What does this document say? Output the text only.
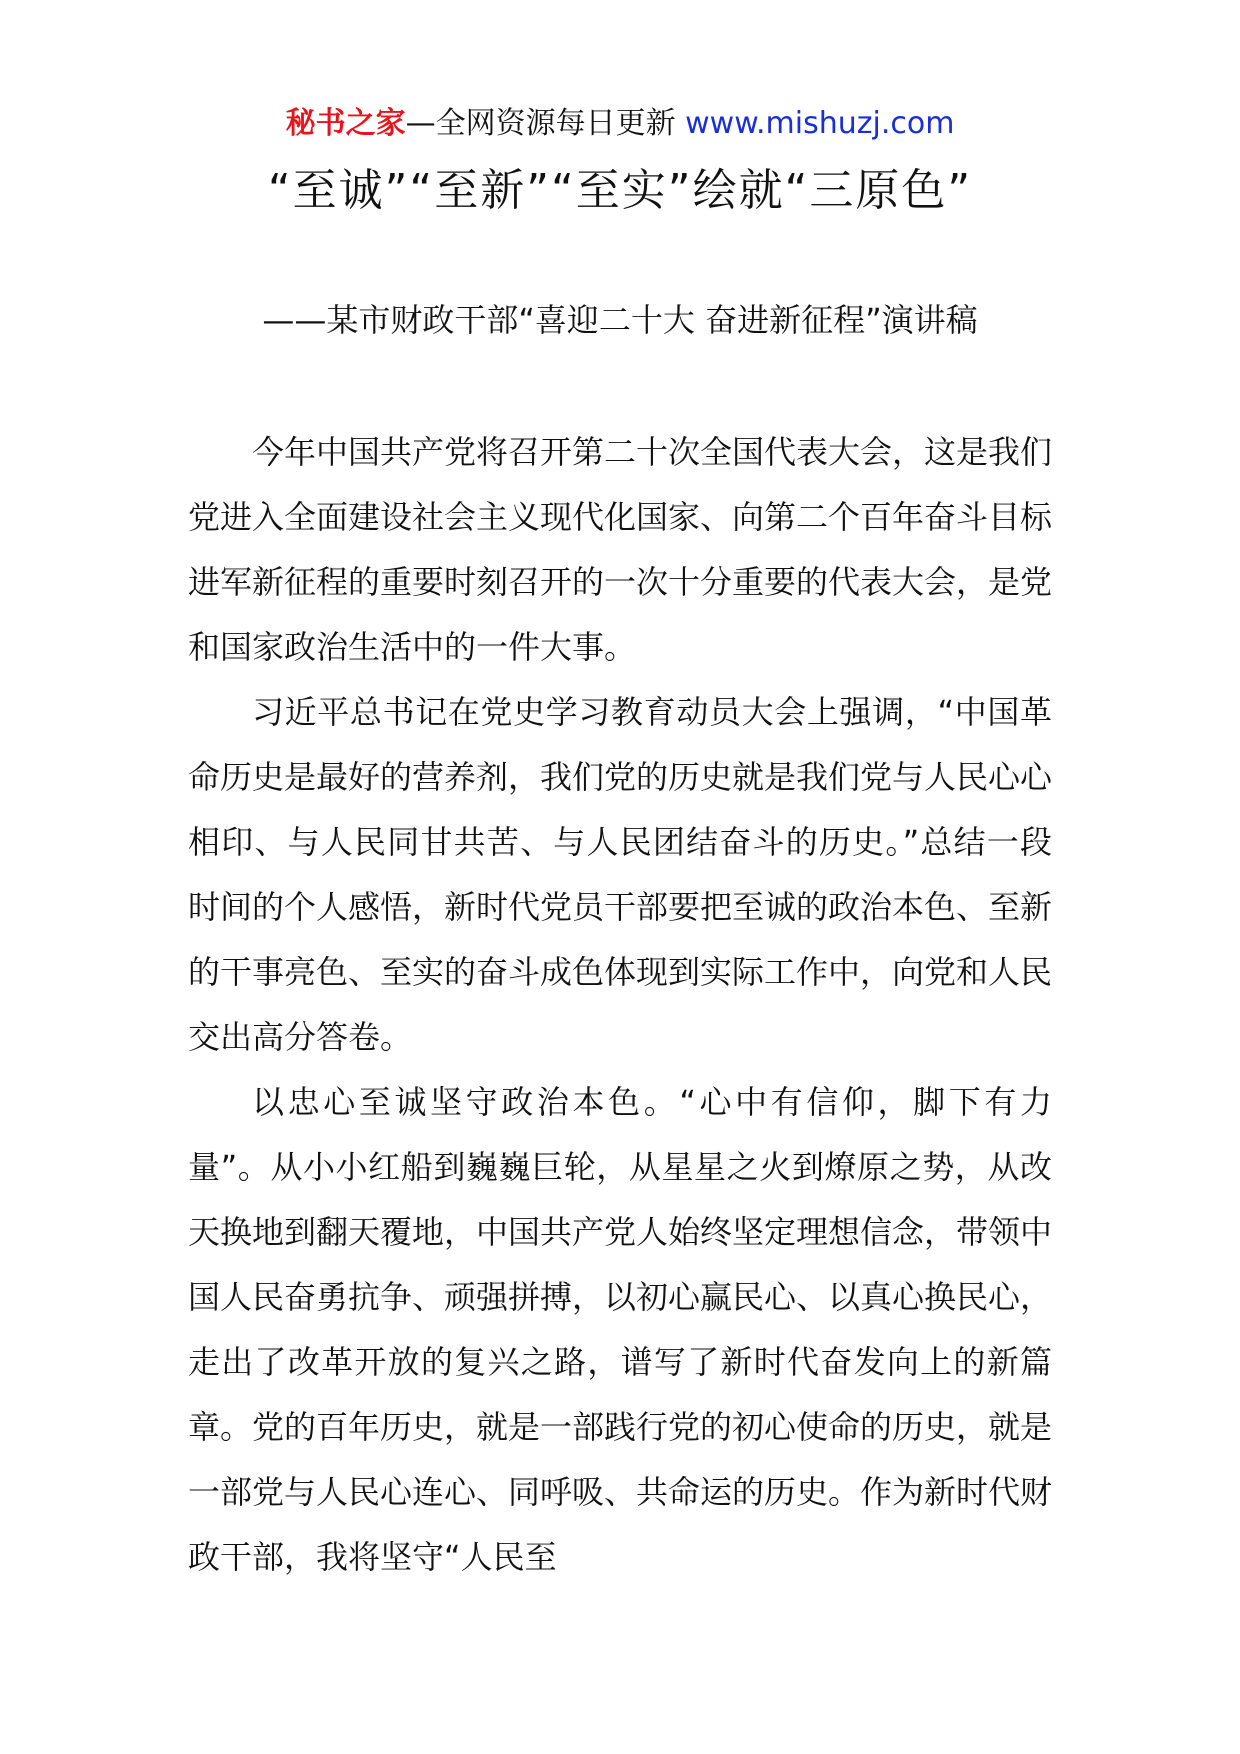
秘书之家—全网资源每日更新 www.mishuzj.com
“至诚”“至新”“至实”绘就“三原色”
——某市财政干部“喜迎二十大 奋进新征程”演讲稿

今年中国共产党将召开第二十次全国代表大会，这是我们党进入全面建设社会主义现代化国家、向第二个百年奋斗目标进军新征程的重要时刻召开的一次十分重要的代表大会，是党和国家政治生活中的一件大事。

习近平总书记在党史学习教育动员大会上强调，“中国革命历史是最好的营养剂，我们党的历史就是我们党与人民心心相印、与人民同甘共苦、与人民团结奋斗的历史。”总结一段时间的个人感悟，新时代党员干部要把至诚的政治本色、至新的干事亮色、至实的奋斗成色体现到实际工作中，向党和人民交出高分答卷。

以忠心至诚坚守政治本色。“心中有信仰，脚下有力量”。从小小红船到巍巍巨轮，从星星之火到燎原之势，从改天换地到翻天覆地，中国共产党人始终坚定理想信念，带领中国人民奋勇抗争、顽强拼搏，以初心赢民心、以真心换民心，走出了改革开放的复兴之路，谱写了新时代奋发向上的新篇章。党的百年历史，就是一部践行党的初心使命的历史，就是一部党与人民心连心、同呼吸、共命运的历史。作为新时代财政干部，我将坚守“人民至
